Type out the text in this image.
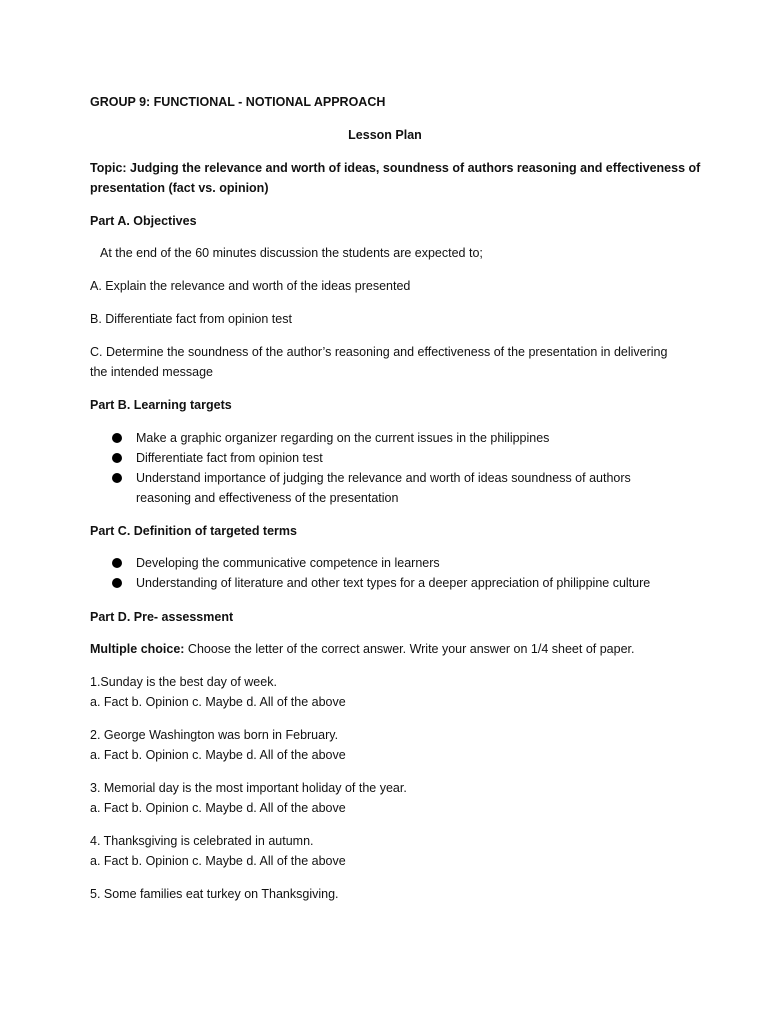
GROUP 9: FUNCTIONAL - NOTIONAL APPROACH
Lesson Plan
Topic: Judging the relevance and worth of ideas, soundness of authors reasoning and effectiveness of
presentation (fact vs. opinion)
Part A. Objectives
At the end of the 60 minutes discussion the students are expected to;
A. Explain the relevance and worth of the ideas presented
B. Differentiate fact from opinion test
C. Determine the soundness of the author’s reasoning and effectiveness of the presentation in delivering
the intended message
Part B. Learning targets
Make a graphic organizer regarding on the current issues in the philippines
Differentiate fact from opinion test
Understand importance of judging the relevance and worth of ideas soundness of authors
reasoning and effectiveness of the presentation
Part C. Definition of targeted terms
Developing the communicative competence in learners
Understanding of literature and other text types for a deeper appreciation of philippine culture
Part D. Pre- assessment
Multiple choice: Choose the letter of the correct answer. Write your answer on 1/4 sheet of paper.
1.Sunday is the best day of week.
a. Fact b. Opinion c. Maybe d. All of the above
2. George Washington was born in February.
a. Fact b. Opinion c. Maybe d. All of the above
3. Memorial day is the most important holiday of the year.
a. Fact b. Opinion c. Maybe d. All of the above
4. Thanksgiving is celebrated in autumn.
a. Fact b. Opinion c. Maybe d. All of the above
5. Some families eat turkey on Thanksgiving.
